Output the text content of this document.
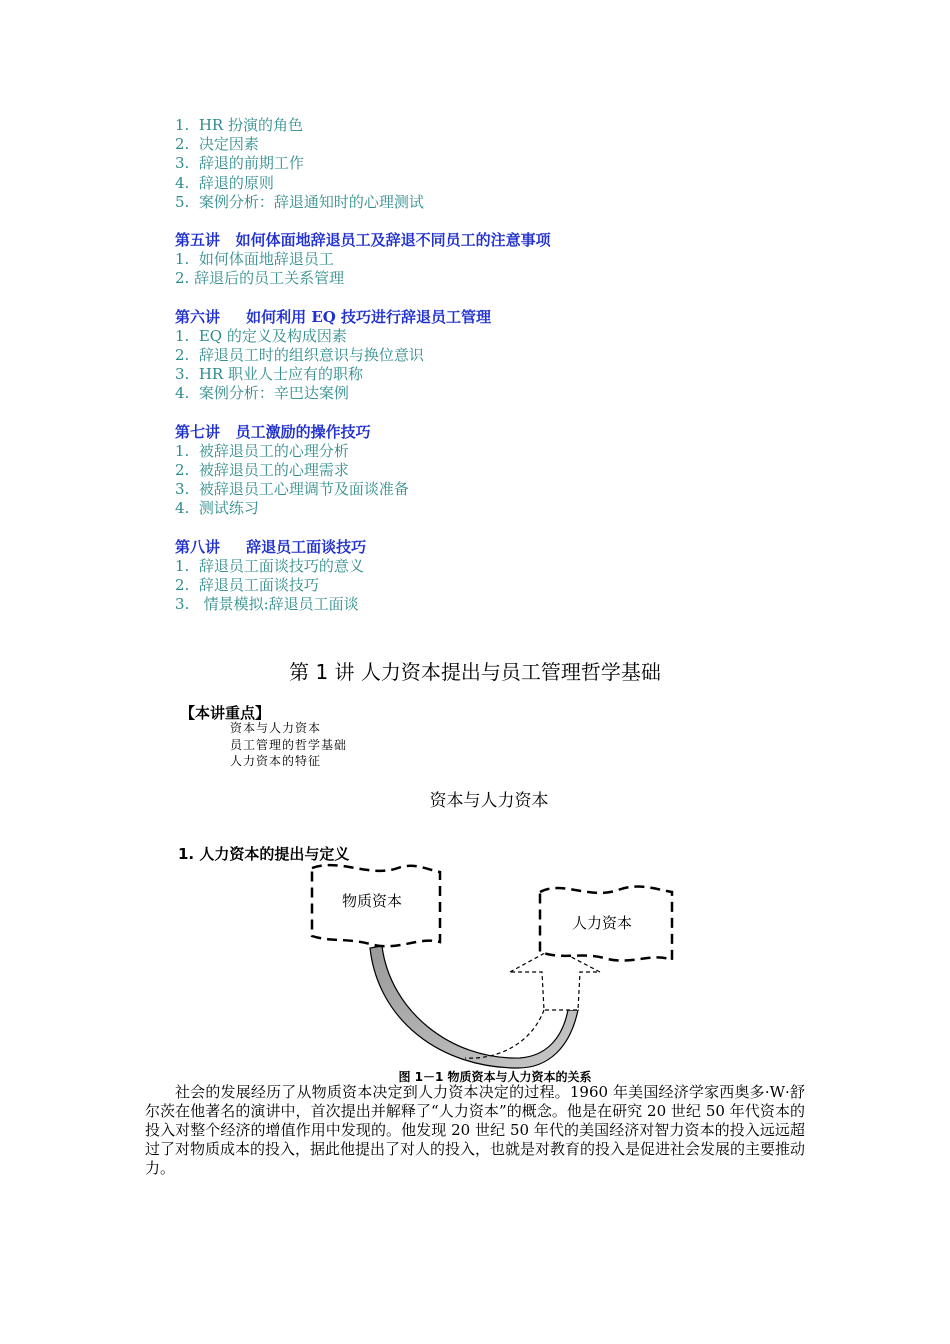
1.  HR 扮演的角色
2.  决定因素
3.  辞退的前期工作
4.  辞退的原则
5.  案例分析：辞退通知时的心理测试
第五讲   如何体面地辞退员工及辞退不同员工的注意事项
1.  如何体面地辞退员工
2. 辞退后的员工关系管理
第六讲     如何利用 EQ 技巧进行辞退员工管理
1.  EQ 的定义及构成因素
2.  辞退员工时的组织意识与换位意识
3.  HR 职业人士应有的职称
4.  案例分析：辛巴达案例
第七讲   员工激励的操作技巧
1.  被辞退员工的心理分析
2.  被辞退员工的心理需求
3.  被辞退员工心理调节及面谈准备
4.  测试练习
第八讲     辞退员工面谈技巧
1.  辞退员工面谈技巧的意义
2.  辞退员工面谈技巧
3.   情景模拟:辞退员工面谈
第 1 讲 人力资本提出与员工管理哲学基础
【本讲重点】
资本与人力资本
员工管理的哲学基础
人力资本的特征
资本与人力资本
1. 人力资本的提出与定义
物质资本
人力资本
图 1－1 物质资本与人力资本的关系
社会的发展经历了从物质资本决定到人力资本决定的过程。1960 年美国经济学家西奥多·W·舒尔茨在他著名的演讲中，首次提出并解释了“人力资本”的概念。他是在研究 20 世纪 50 年代资本的投入对整个经济的增值作用中发现的。他发现 20 世纪 50 年代的美国经济对智力资本的投入远远超过了对物质成本的投入，据此他提出了对人的投入，也就是对教育的投入是促进社会发展的主要推动力。
